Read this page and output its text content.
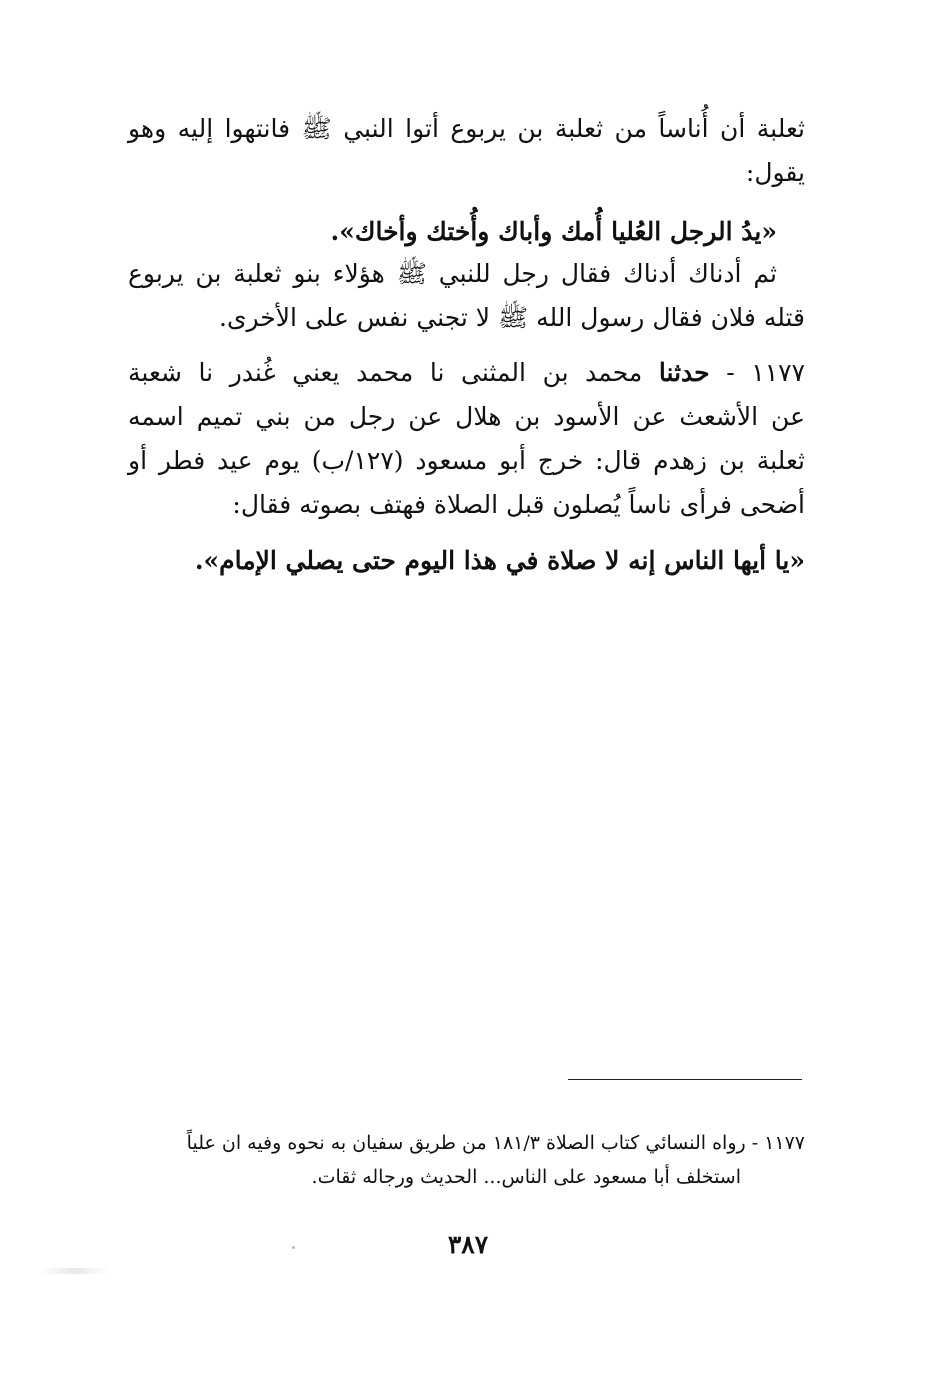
ثعلبة أن أُناساً من ثعلبة بن يربوع أتوا النبي ﷺ فانتهوا إليه وهو
يقول:
«يدُ الرجل العُليا أُمك وأباك وأُختك وأخاك».
ثم أدناك أدناك فقال رجل للنبي ﷺ هؤلاء بنو ثعلبة بن يربوع
قتله فلان فقال رسول الله ﷺ لا تجني نفس على الأخرى.
١١٧٧ - حدثنا محمد بن المثنى نا محمد يعني غُندر نا شعبة
عن الأشعث عن الأسود بن هلال عن رجل من بني تميم اسمه
ثعلبة بن زهدم قال: خرج أبو مسعود (١٢٧/ب) يوم عيد فطر أو
أضحى فرأى ناساً يُصلون قبل الصلاة فهتف بصوته فقال:
«يا أيها الناس إنه لا صلاة في هذا اليوم حتى يصلي الإمام».
١١٧٧ - رواه النسائي كتاب الصلاة ١٨١/٣ من طريق سفيان به نحوه وفيه ان علياً
استخلف أبا مسعود على الناس... الحديث ورجاله ثقات.
٣٨٧
